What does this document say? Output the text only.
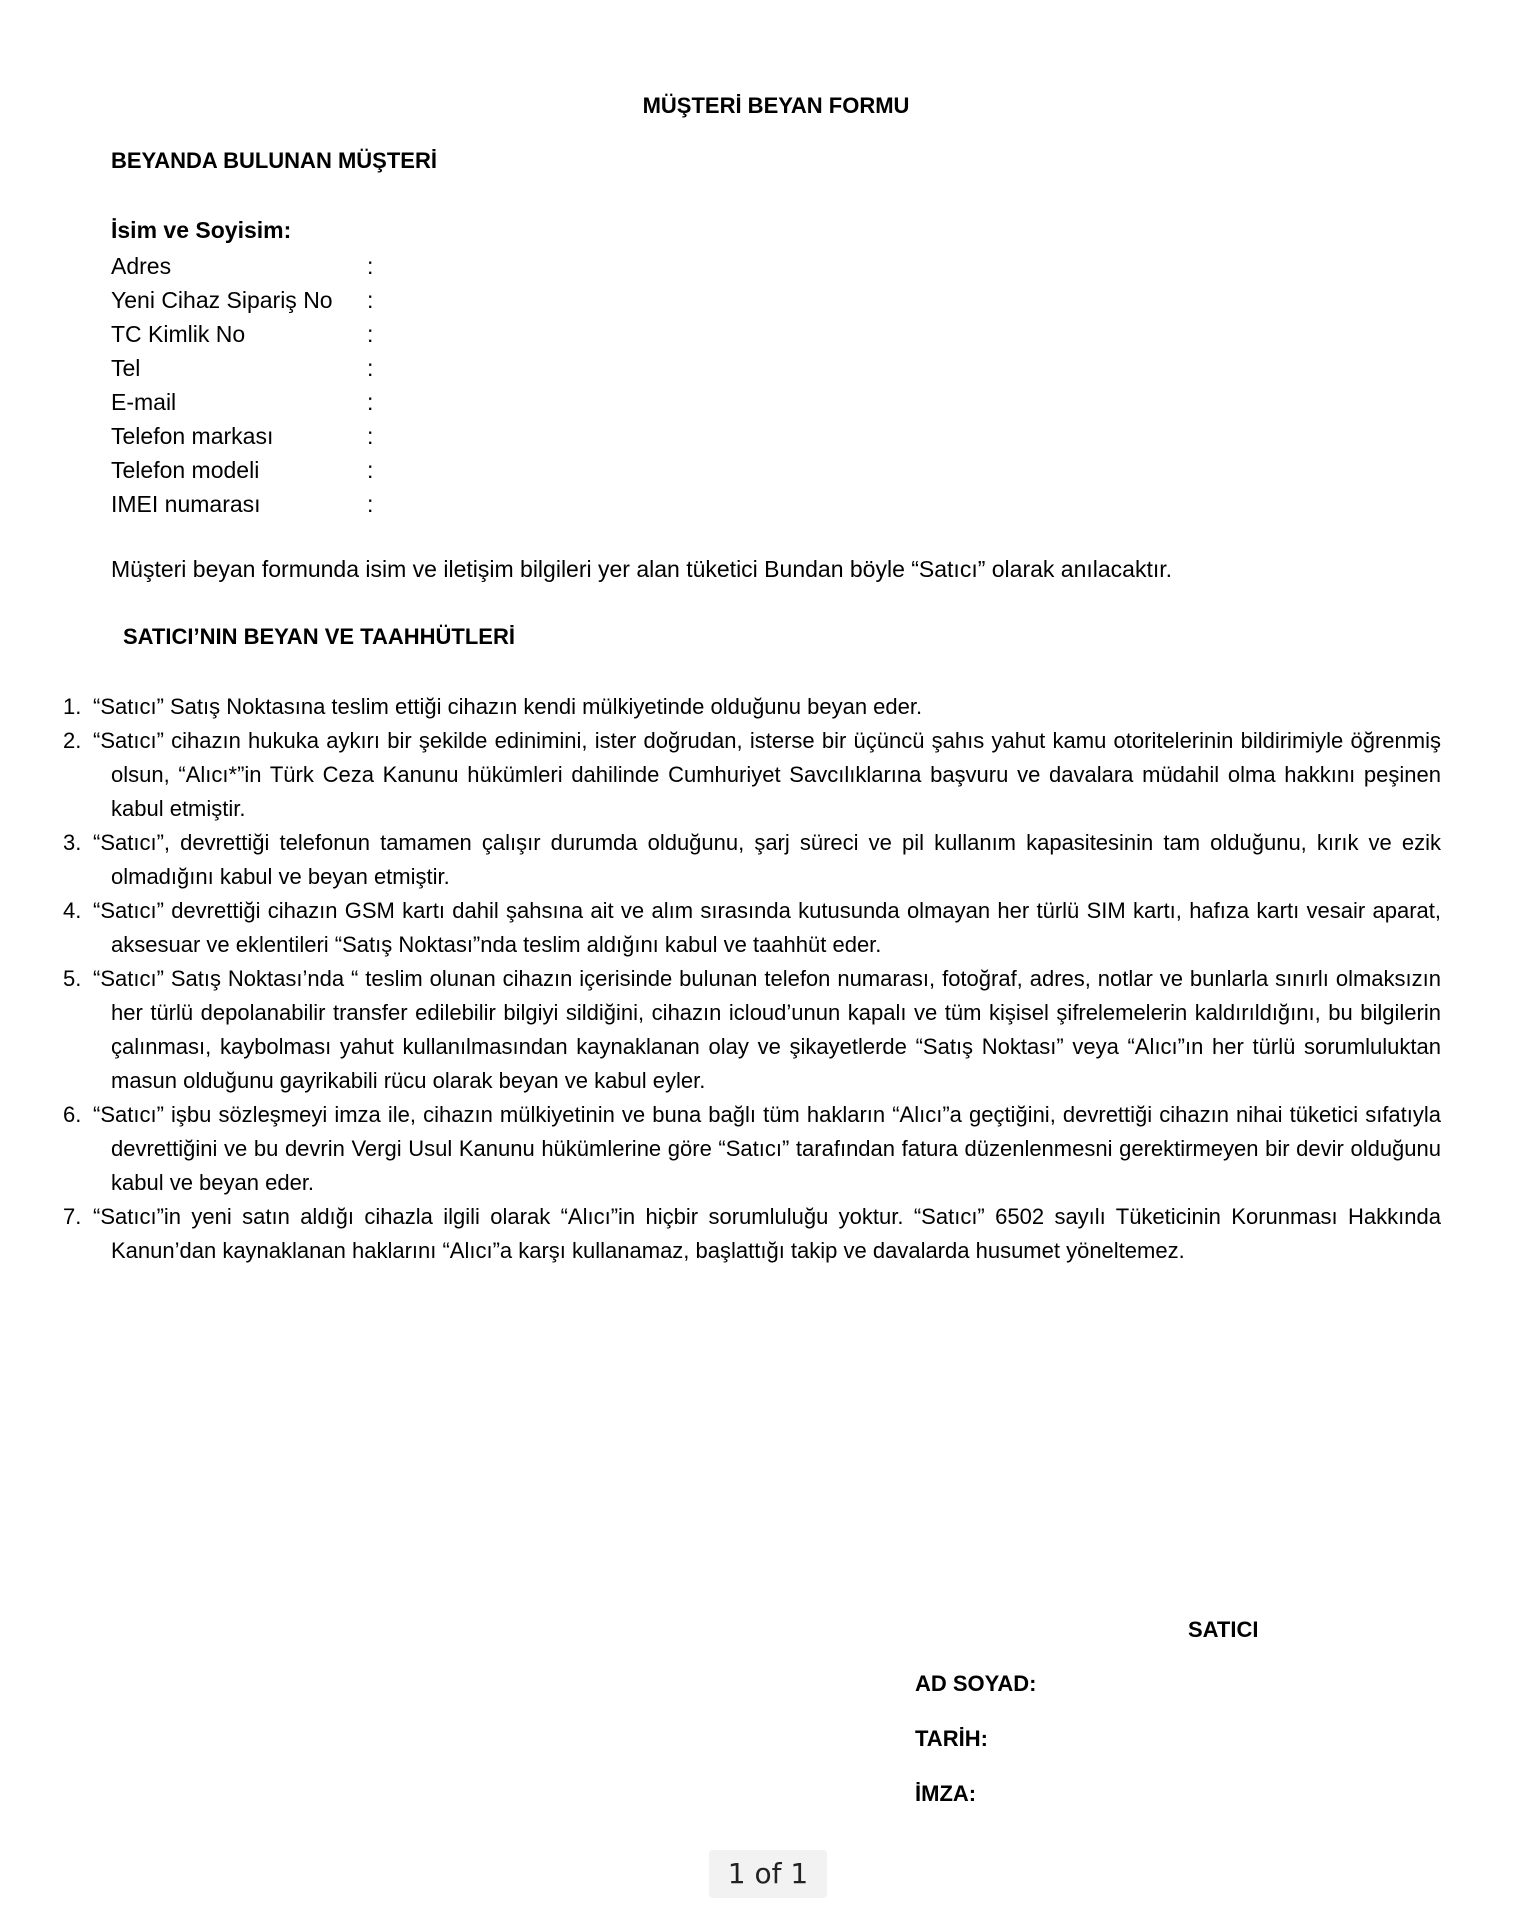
MÜŞTERİ BEYAN FORMU
BEYANDA BULUNAN MÜŞTERİ
İsim ve Soyisim:
Adres	:
Yeni Cihaz Sipariş No	:
TC Kimlik No	:
Tel	:
E-mail	:
Telefon markası	:
Telefon modeli	:
IMEI numarası	:
Müşteri beyan formunda isim ve iletişim bilgileri yer alan tüketici Bundan böyle “Satıcı” olarak anılacaktır.
SATICI’NIN BEYAN VE TAAHHÜTLERİ
1. “Satıcı” Satış Noktasına teslim ettiği cihazın kendi mülkiyetinde olduğunu beyan eder.
2. “Satıcı” cihazın hukuka aykırı bir şekilde edinimini, ister doğrudan, isterse bir üçüncü şahıs yahut kamu otoritelerinin bildirimiyle öğrenmiş olsun, “Alıcı*”in Türk Ceza Kanunu hükümleri dahilinde Cumhuriyet Savcılıklarına başvuru ve davalara müdahil olma hakkını peşinen kabul etmiştir.
3. “Satıcı”, devrettiği telefonun tamamen çalışır durumda olduğunu, şarj süreci ve pil kullanım kapasitesinin tam olduğunu, kırık ve ezik olmadığını kabul ve beyan etmiştir.
4. “Satıcı” devrettiği cihazın GSM kartı dahil şahsına ait ve alım sırasında kutusunda olmayan her türlü SIM kartı, hafıza kartı vesair aparat, aksesuar ve eklentileri “Satış Noktası”nda teslim aldığını kabul ve taahhüt eder.
5. “Satıcı” Satış Noktası’nda “ teslim olunan cihazın içerisinde bulunan telefon numarası, fotoğraf, adres, notlar ve bunlarla sınırlı olmaksızın her türlü depolanabilir transfer edilebilir bilgiyi sildiğini, cihazın icloud’unun kapalı ve tüm kişisel şifrelemelerin kaldırıldığını, bu bilgilerin çalınması, kaybolması yahut kullanılmasından kaynaklanan olay ve şikayetlerde “Satış Noktası” veya “Alıcı”ın her türlü sorumluluktan masun olduğunu gayrikabili rücu olarak beyan ve kabul eyler.
6. “Satıcı” işbu sözleşmeyi imza ile, cihazın mülkiyetinin ve buna bağlı tüm hakların “Alıcı”a geçtiğini, devrettiği cihazın nihai tüketici sıfatıyla devrettiğini ve bu devrin Vergi Usul Kanunu hükümlerine göre “Satıcı” tarafından fatura düzenlenmesni gerektirmeyen bir devir olduğunu kabul ve beyan eder.
7. “Satıcı”in yeni satın aldığı cihazla ilgili olarak “Alıcı”in hiçbir sorumluluğu yoktur. “Satıcı” 6502 sayılı Tüketicinin Korunması Hakkında Kanun’dan kaynaklanan haklarını “Alıcı”a karşı kullanamaz, başlattığı takip ve davalarda husumet yöneltemez.
SATICI
AD SOYAD:
TARİH:
İMZA:
1 of 1
